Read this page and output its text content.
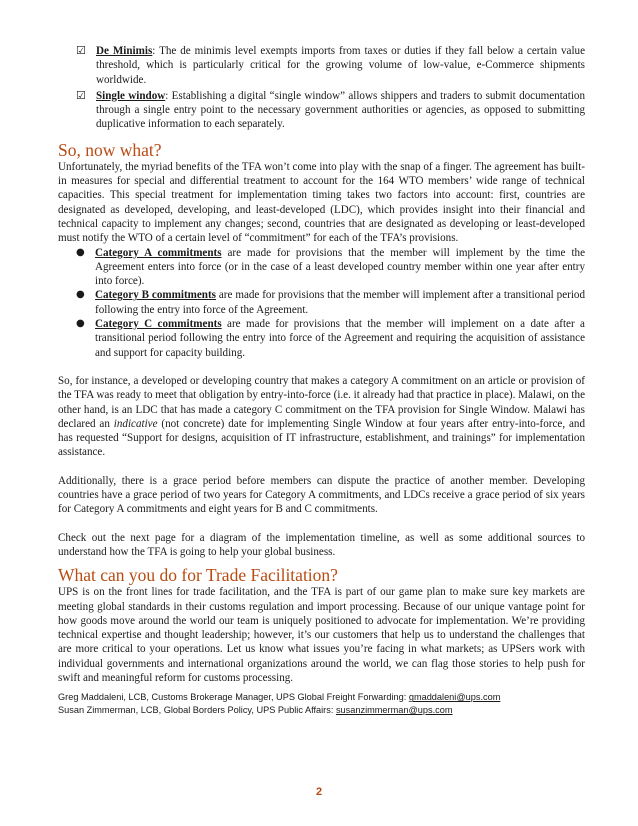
☑ De Minimis: The de minimis level exempts imports from taxes or duties if they fall below a certain value threshold, which is particularly critical for the growing volume of low-value, e-Commerce shipments worldwide.
☑ Single window: Establishing a digital “single window” allows shippers and traders to submit documentation through a single entry point to the necessary government authorities or agencies, as opposed to submitting duplicative information to each separately.
So, now what?

Unfortunately, the myriad benefits of the TFA won’t come into play with the snap of a finger. The agreement has built-in measures for special and differential treatment to account for the 164 WTO members’ wide range of technical capacities. This special treatment for implementation timing takes two factors into account: first, countries are designated as developed, developing, and least-developed (LDC), which provides insight into their financial and technical capacity to implement any changes; second, countries that are designated as developing or least-developed must notify the WTO of a certain level of “commitment” for each of the TFA’s provisions.

● Category A commitments are made for provisions that the member will implement by the time the Agreement enters into force (or in the case of a least developed country member within one year after entry into force).
● Category B commitments are made for provisions that the member will implement after a transitional period following the entry into force of the Agreement.
● Category C commitments are made for provisions that the member will implement on a date after a transitional period following the entry into force of the Agreement and requiring the acquisition of assistance and support for capacity building.

So, for instance, a developed or developing country that makes a category A commitment on an article or provision of the TFA was ready to meet that obligation by entry-into-force (i.e. it already had that practice in place). Malawi, on the other hand, is an LDC that has made a category C commitment on the TFA provision for Single Window. Malawi has declared an indicative (not concrete) date for implementing Single Window at four years after entry-into-force, and has requested “Support for designs, acquisition of IT infrastructure, establishment, and trainings” for implementation assistance.

Additionally, there is a grace period before members can dispute the practice of another member. Developing countries have a grace period of two years for Category A commitments, and LDCs receive a grace period of six years for Category A commitments and eight years for B and C commitments.

Check out the next page for a diagram of the implementation timeline, as well as some additional sources to understand how the TFA is going to help your global business.

What can you do for Trade Facilitation?

UPS is on the front lines for trade facilitation, and the TFA is part of our game plan to make sure key markets are meeting global standards in their customs regulation and import processing. Because of our unique vantage point for how goods move around the world our team is uniquely positioned to advocate for implementation. We’re providing technical expertise and thought leadership; however, it’s our customers that help us to understand the challenges that are more critical to your operations. Let us know what issues you’re facing in what markets; as UPSers work with individual governments and international organizations around the world, we can flag those stories to help push for swift and meaningful reform for customs processing.

Greg Maddaleni, LCB, Customs Brokerage Manager, UPS Global Freight Forwarding: gmaddaleni@ups.com
Susan Zimmerman, LCB, Global Borders Policy, UPS Public Affairs: susanzimmerman@ups.com
2
